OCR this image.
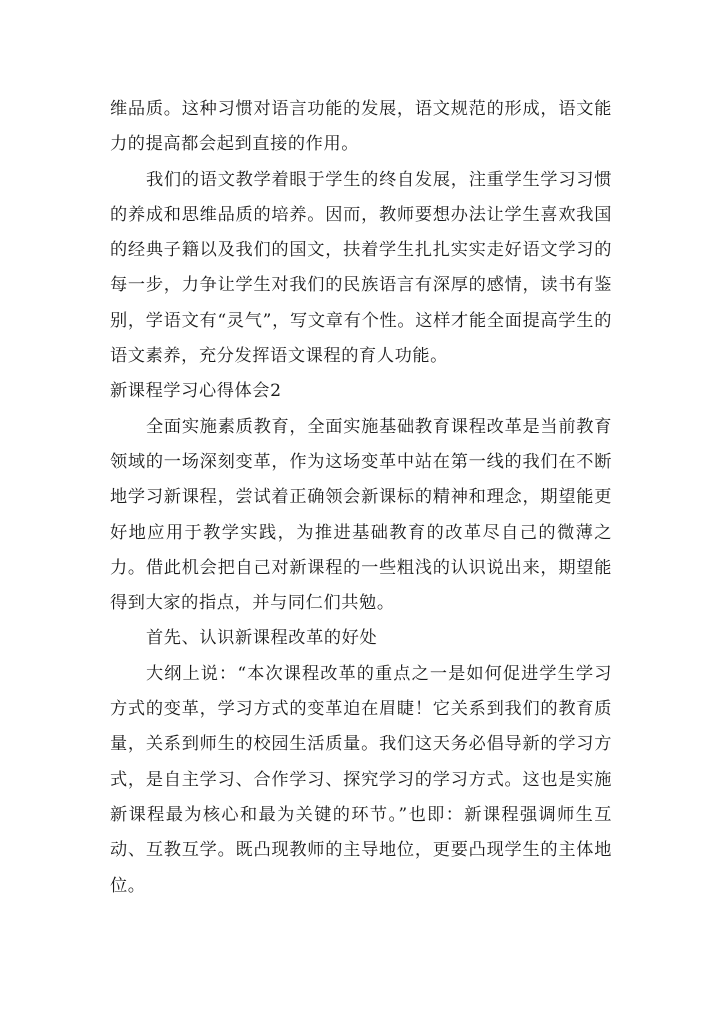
维品质。这种习惯对语言功能的发展，语文规范的形成，语文能力的提高都会起到直接的作用。

我们的语文教学着眼于学生的终自发展，注重学生学习习惯的养成和思维品质的培养。因而，教师要想办法让学生喜欢我国的经典子籍以及我们的国文，扶着学生扎扎实实走好语文学习的每一步，力争让学生对我们的民族语言有深厚的感情，读书有鉴别，学语文有“灵气”，写文章有个性。这样才能全面提高学生的语文素养，充分发挥语文课程的育人功能。

新课程学习心得体会2

全面实施素质教育，全面实施基础教育课程改革是当前教育领域的一场深刻变革，作为这场变革中站在第一线的我们在不断地学习新课程，尝试着正确领会新课标的精神和理念，期望能更好地应用于教学实践，为推进基础教育的改革尽自己的微薄之力。借此机会把自己对新课程的一些粗浅的认识说出来，期望能得到大家的指点，并与同仁们共勉。

首先、认识新课程改革的好处

大纲上说：“本次课程改革的重点之一是如何促进学生学习方式的变革，学习方式的变革迫在眉睫！它关系到我们的教育质量，关系到师生的校园生活质量。我们这天务必倡导新的学习方式，是自主学习、合作学习、探究学习的学习方式。这也是实施新课程最为核心和最为关键的环节。”也即：新课程强调师生互动、互教互学。既凸现教师的主导地位，更要凸现学生的主体地位。
